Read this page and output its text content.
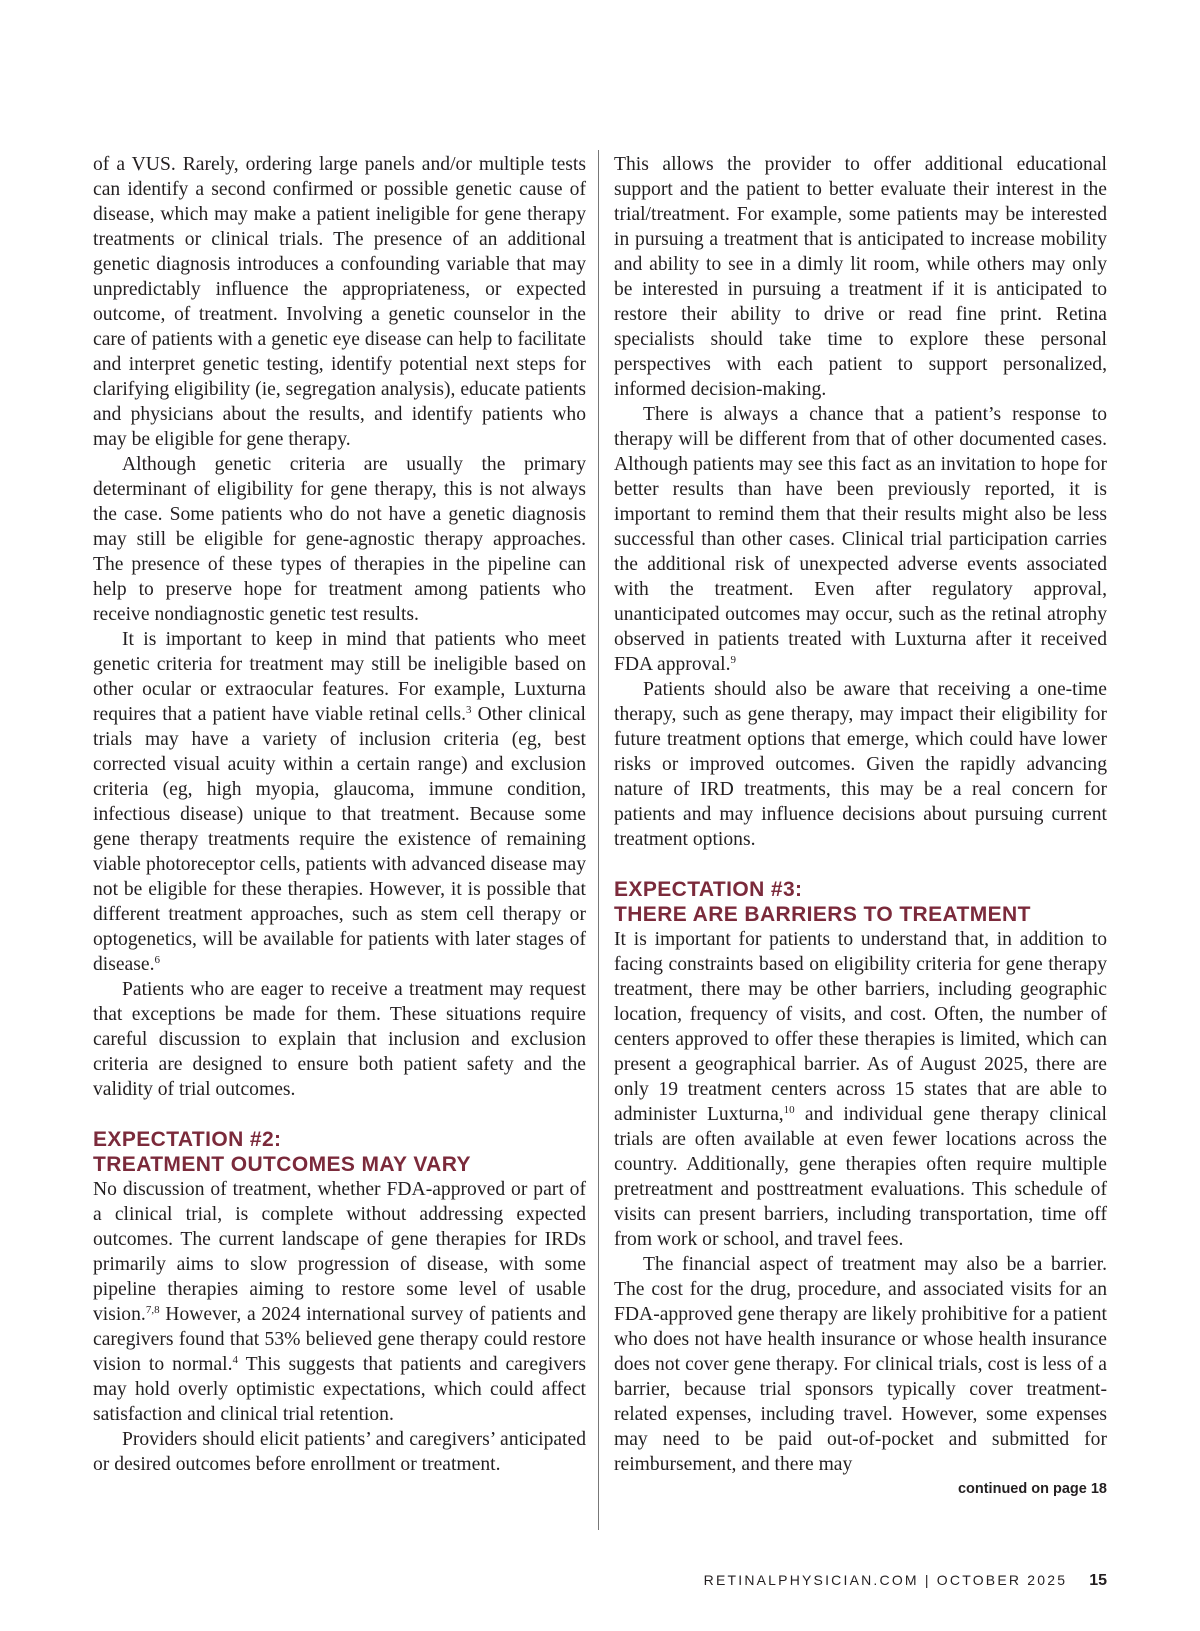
of a VUS. Rarely, ordering large panels and/or multiple tests can identify a second confirmed or possible genetic cause of disease, which may make a patient ineligible for gene therapy treatments or clinical trials. The presence of an additional genetic diagnosis introduces a confounding variable that may unpredictably influence the appropriateness, or expected outcome, of treatment. Involving a genetic counselor in the care of patients with a genetic eye disease can help to facilitate and interpret genetic testing, identify potential next steps for clarifying eligibility (ie, segregation analysis), educate patients and physicians about the results, and identify patients who may be eligible for gene therapy.

Although genetic criteria are usually the primary determinant of eligibility for gene therapy, this is not always the case. Some patients who do not have a genetic diagnosis may still be eligible for gene-agnostic therapy approaches. The presence of these types of therapies in the pipeline can help to preserve hope for treatment among patients who receive nondiagnostic genetic test results.

It is important to keep in mind that patients who meet genetic criteria for treatment may still be ineligible based on other ocular or extraocular features. For example, Luxturna requires that a patient have viable retinal cells.$^3$ Other clinical trials may have a variety of inclusion criteria (eg, best corrected visual acuity within a certain range) and exclusion criteria (eg, high myopia, glaucoma, immune condition, infectious disease) unique to that treatment. Because some gene therapy treatments require the existence of remaining viable photoreceptor cells, patients with advanced disease may not be eligible for these therapies. However, it is possible that different treatment approaches, such as stem cell therapy or optogenetics, will be available for patients with later stages of disease.$^6$

Patients who are eager to receive a treatment may request that exceptions be made for them. These situations require careful discussion to explain that inclusion and exclusion criteria are designed to ensure both patient safety and the validity of trial outcomes.

EXPECTATION #2:
TREATMENT OUTCOMES MAY VARY

No discussion of treatment, whether FDA-approved or part of a clinical trial, is complete without addressing expected outcomes. The current landscape of gene therapies for IRDs primarily aims to slow progression of disease, with some pipeline therapies aiming to restore some level of usable vision.$^{7,8}$ However, a 2024 international survey of patients and caregivers found that 53% believed gene therapy could restore vision to normal.$^4$ This suggests that patients and caregivers may hold overly optimistic expectations, which could affect satisfaction and clinical trial retention.

Providers should elicit patients’ and caregivers’ anticipated or desired outcomes before enrollment or treatment.

This allows the provider to offer additional educational support and the patient to better evaluate their interest in the trial/treatment. For example, some patients may be interested in pursuing a treatment that is anticipated to increase mobility and ability to see in a dimly lit room, while others may only be interested in pursuing a treatment if it is anticipated to restore their ability to drive or read fine print. Retina specialists should take time to explore these personal perspectives with each patient to support personalized, informed decision-making.

There is always a chance that a patient’s response to therapy will be different from that of other documented cases. Although patients may see this fact as an invitation to hope for better results than have been previously reported, it is important to remind them that their results might also be less successful than other cases. Clinical trial participation carries the additional risk of unexpected adverse events associated with the treatment. Even after regulatory approval, unanticipated outcomes may occur, such as the retinal atrophy observed in patients treated with Luxturna after it received FDA approval.$^9$

Patients should also be aware that receiving a one-time therapy, such as gene therapy, may impact their eligibility for future treatment options that emerge, which could have lower risks or improved outcomes. Given the rapidly advancing nature of IRD treatments, this may be a real concern for patients and may influence decisions about pursuing current treatment options.

EXPECTATION #3:
THERE ARE BARRIERS TO TREATMENT

It is important for patients to understand that, in addition to facing constraints based on eligibility criteria for gene therapy treatment, there may be other barriers, including geographic location, frequency of visits, and cost. Often, the number of centers approved to offer these therapies is limited, which can present a geographical barrier. As of August 2025, there are only 19 treatment centers across 15 states that are able to administer Luxturna,$^{10}$ and individual gene therapy clinical trials are often available at even fewer locations across the country. Additionally, gene therapies often require multiple pretreatment and posttreatment evaluations. This schedule of visits can present barriers, including transportation, time off from work or school, and travel fees.

The financial aspect of treatment may also be a barrier. The cost for the drug, procedure, and associated visits for an FDA-approved gene therapy are likely prohibitive for a patient who does not have health insurance or whose health insurance does not cover gene therapy. For clinical trials, cost is less of a barrier, because trial sponsors typically cover treatment-related expenses, including travel. However, some expenses may need to be paid out-of-pocket and submitted for reimbursement, and there may

continued on page 18
RETINALPHYSICIAN.COM | OCTOBER 2025 15
